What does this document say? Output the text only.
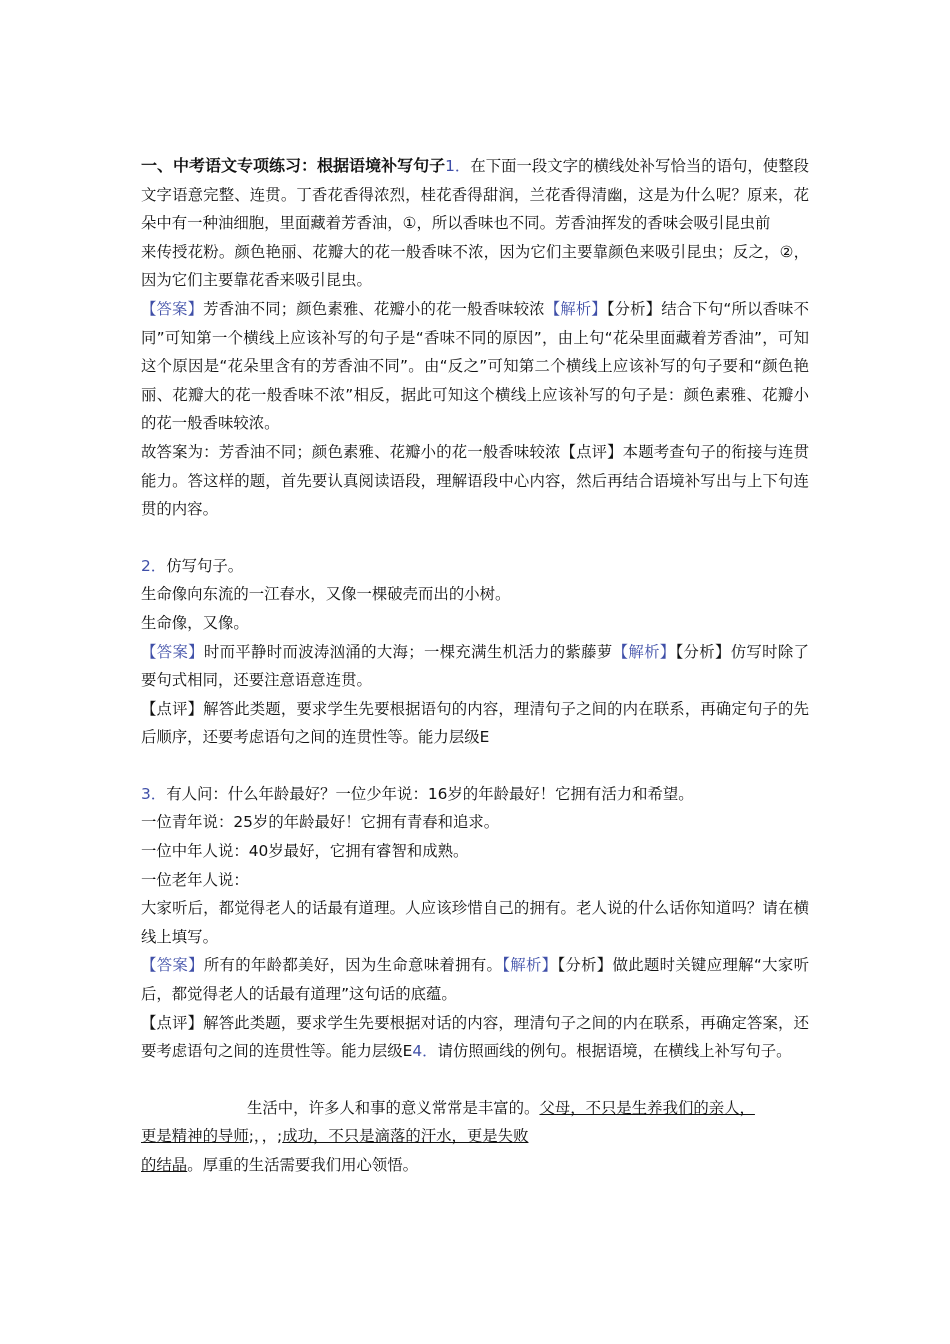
一、中考语文专项练习：根据语境补写句子1．在下面一段文字的横线处补写恰当的语句，使整段文字语意完整、连贯。丁香花香得浓烈，桂花香得甜润，兰花香得清幽，这是为什么呢？原来，花朵中有一种油细胞，里面藏着芳香油，①，所以香味也不同。芳香油挥发的香味会吸引昆虫前

来传授花粉。颜色艳丽、花瓣大的花一般香味不浓，因为它们主要靠颜色来吸引昆虫；反之，②，因为它们主要靠花香来吸引昆虫。

【答案】芳香油不同；颜色素雅、花瓣小的花一般香味较浓【解析】【分析】结合下句“所以香味不同”可知第一个横线上应该补写的句子是“香味不同的原因”，由上句“花朵里面藏着芳香油”，可知这个原因是“花朵里含有的芳香油不同”。由“反之”可知第二个横线上应该补写的句子要和“颜色艳丽、花瓣大的花一般香味不浓”相反，据此可知这个横线上应该补写的句子是：颜色素雅、花瓣小的花一般香味较浓。

故答案为：芳香油不同；颜色素雅、花瓣小的花一般香味较浓【点评】本题考查句子的衔接与连贯能力。答这样的题，首先要认真阅读语段，理解语段中心内容，然后再结合语境补写出与上下句连贯的内容。

2．仿写句子。

生命像向东流的一江春水，又像一棵破壳而出的小树。

生命像，又像。

【答案】时而平静时而波涛汹涌的大海；一棵充满生机活力的紫藤萝【解析】【分析】仿写时除了要句式相同，还要注意语意连贯。

【点评】解答此类题，要求学生先要根据语句的内容，理清句子之间的内在联系，再确定句子的先后顺序，还要考虑语句之间的连贯性等。能力层级E

3．有人问：什么年龄最好？一位少年说：16岁的年龄最好！它拥有活力和希望。

一位青年说：25岁的年龄最好！它拥有青春和追求。

一位中年人说：40岁最好，它拥有睿智和成熟。

一位老年人说：

大家听后，都觉得老人的话最有道理。人应该珍惜自己的拥有。老人说的什么话你知道吗？请在横线上填写。

【答案】所有的年龄都美好，因为生命意味着拥有。【解析】【分析】做此题时关键应理解“大家听后，都觉得老人的话最有道理”这句话的底蕴。

【点评】解答此类题，要求学生先要根据对话的内容，理清句子之间的内在联系，再确定答案，还要考虑语句之间的连贯性等。能力层级E4．请仿照画线的例句。根据语境，在横线上补写句子。

生活中，许多人和事的意义常常是丰富的。父母，不只是生养我们的亲人，

更是精神的导师;，，;成功，不只是滴落的汗水，更是失败

的结晶。厚重的生活需要我们用心领悟。
